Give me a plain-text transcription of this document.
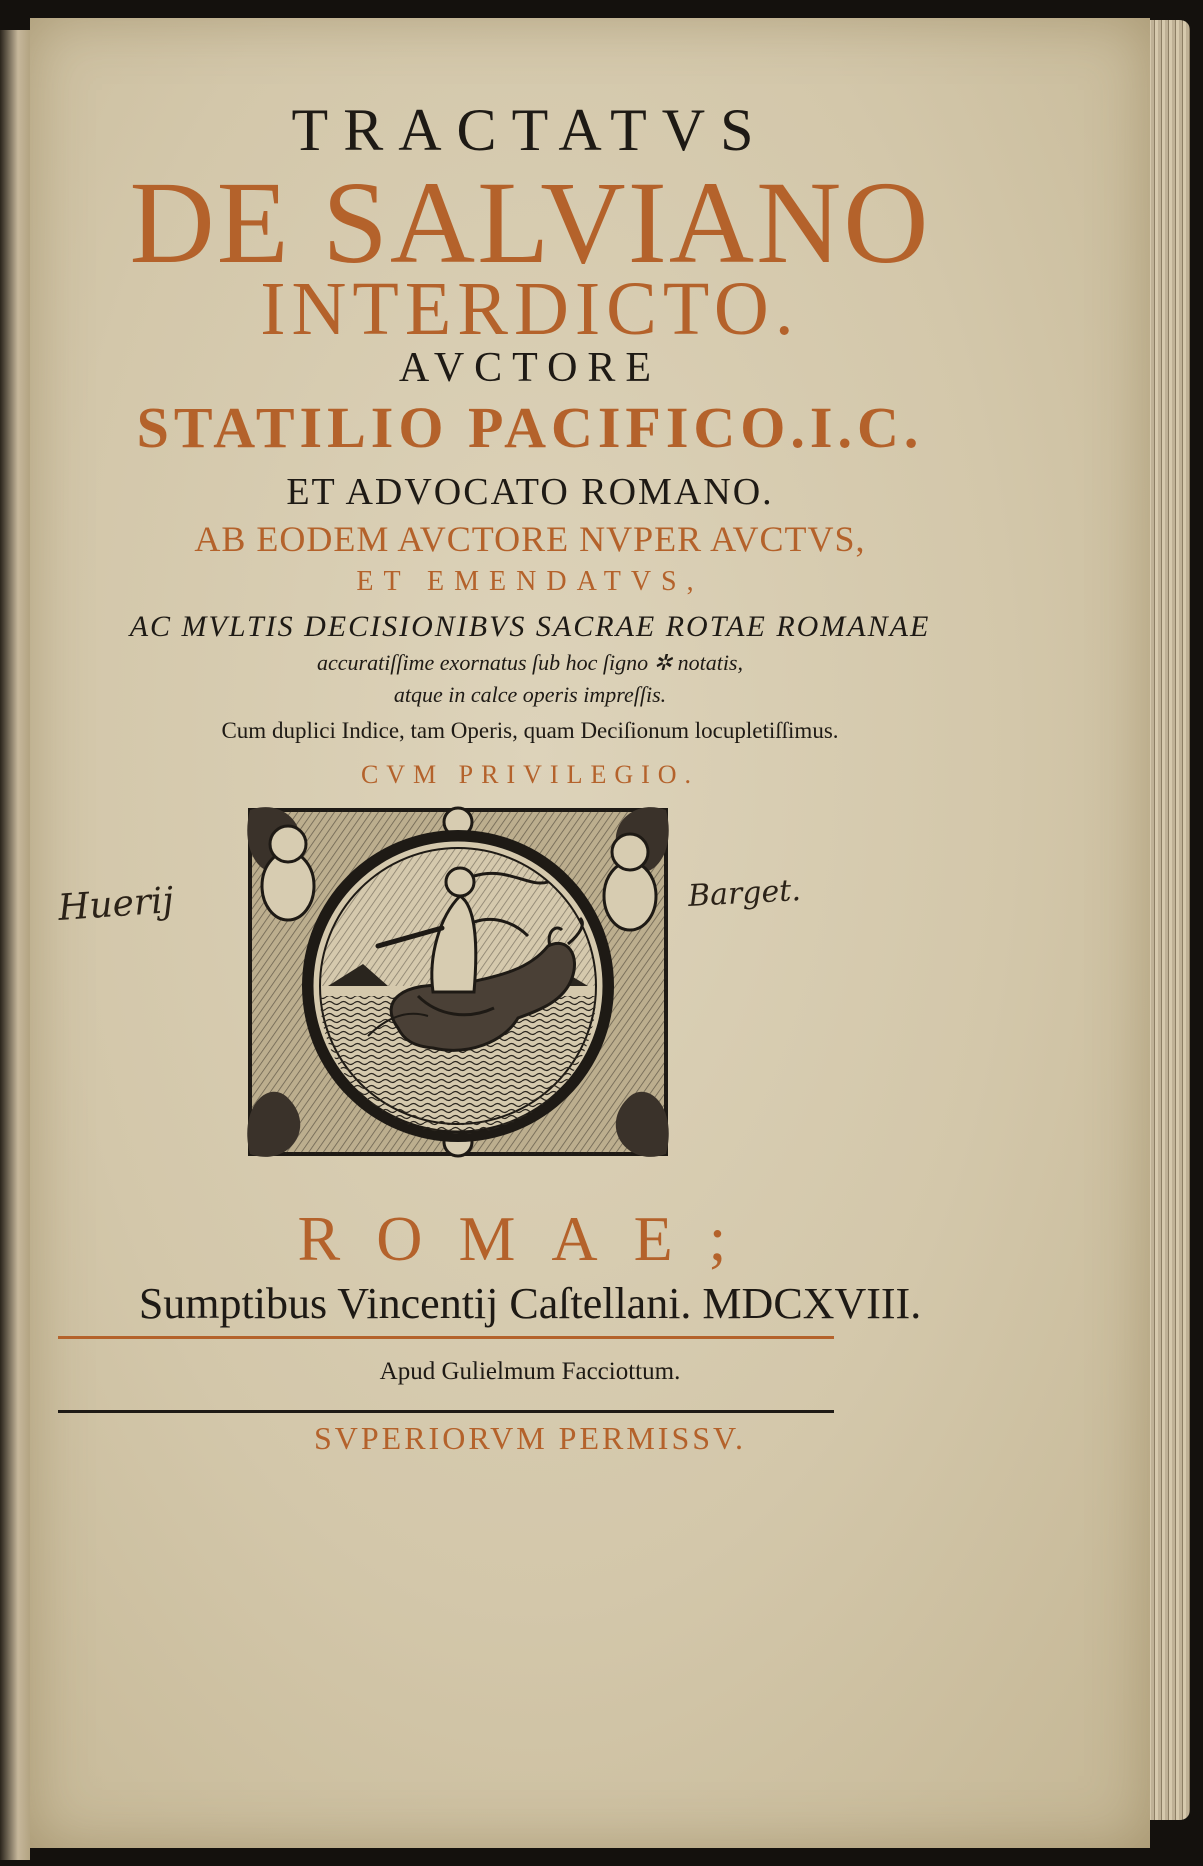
TRACTATVS

DE SALVIANO

INTERDICTO.

AVCTORE

STATILIO PACIFICO.I.C.

ET ADVOCATO ROMANO.

AB EODEM AVCTORE NVPER AVCTVS,

ET EMENDATVS,

AC MVLTIS DECISIONIBVS SACRAE ROTAE ROMANAE

accuratiſſime exornatus ſub hoc ſigno ✲ notatis,

atque in calce operis impreſſis.

Cum duplici Indice, tam Operis, quam Deciſionum locupletiſſimus.

CVM PRIVILEGIO.

Huerij	Barget.

ROMAE;

Sumptibus Vincentij Caſtellani. MDCXVIII.

Apud Gulielmum Facciottum.

SVPERIORVM PERMISSV.
